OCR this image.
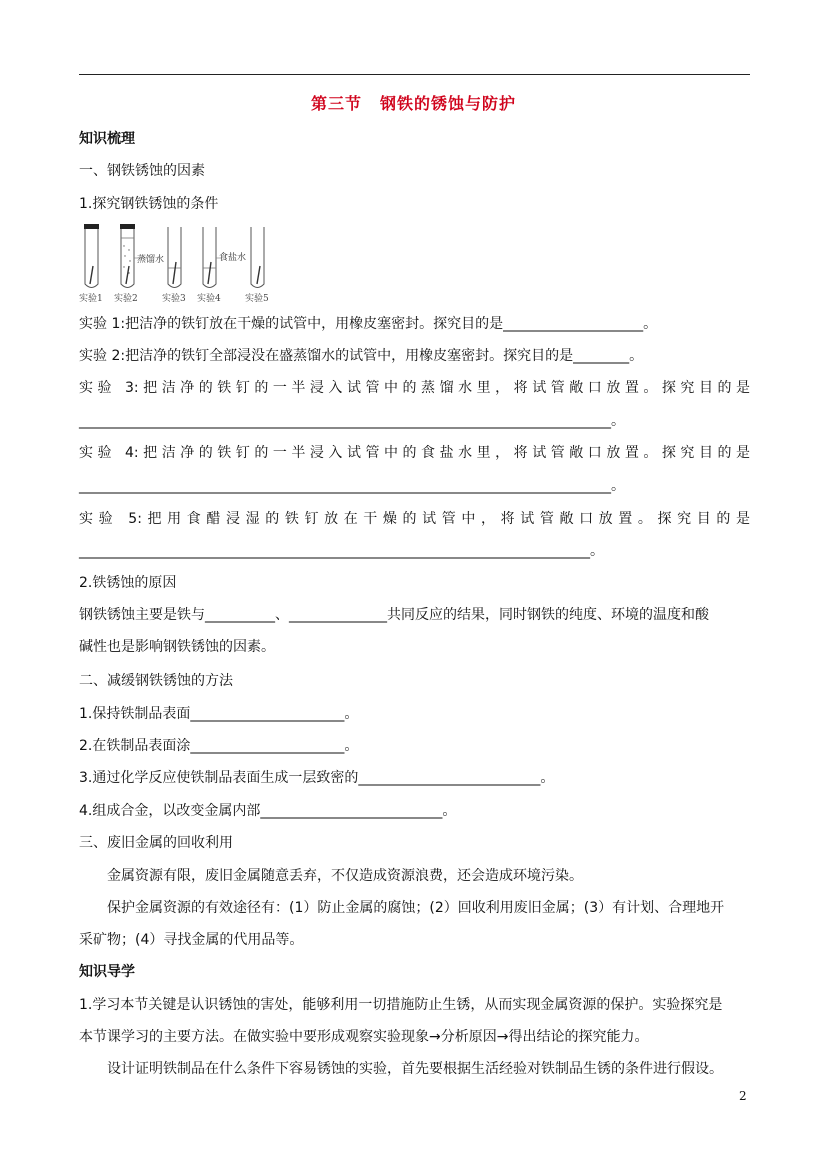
第三节 钢铁的锈蚀与防护
知识梳理
一、钢铁锈蚀的因素
1.探究钢铁锈蚀的条件
蒸馏水	食盐水
实验1 实验2	实验3 实验4	实验5
实验 1:把洁净的铁钉放在干燥的试管中，用橡皮塞密封。探究目的是____________________。
实验 2:把洁净的铁钉全部浸没在盛蒸馏水的试管中，用橡皮塞密封。探究目的是________。
实验 3:把洁净的铁钉的一半浸入试管中的蒸馏水里，将试管敞口放置。探究目的是
____________________________________________________________________________。
实验 4:把洁净的铁钉的一半浸入试管中的食盐水里，将试管敞口放置。探究目的是
____________________________________________________________________________。
实验 5:把用食醋浸湿的铁钉放在干燥的试管中，将试管敞口放置。探究目的是
_________________________________________________________________________。
2.铁锈蚀的原因
钢铁锈蚀主要是铁与__________、______________共同反应的结果，同时钢铁的纯度、环境的温度和酸
碱性也是影响钢铁锈蚀的因素。
二、减缓钢铁锈蚀的方法
1.保持铁制品表面______________________。
2.在铁制品表面涂______________________。
3.通过化学反应使铁制品表面生成一层致密的__________________________。
4.组成合金，以改变金属内部__________________________。
三、废旧金属的回收利用
金属资源有限，废旧金属随意丢弃，不仅造成资源浪费，还会造成环境污染。
保护金属资源的有效途径有：(1）防止金属的腐蚀；(2）回收利用废旧金属；(3）有计划、合理地开
采矿物；(4）寻找金属的代用品等。
知识导学
1.学习本节关键是认识锈蚀的害处，能够利用一切措施防止生锈，从而实现金属资源的保护。实验探究是
本节课学习的主要方法。在做实验中要形成观察实验现象→分析原因→得出结论的探究能力。
设计证明铁制品在什么条件下容易锈蚀的实验，首先要根据生活经验对铁制品生锈的条件进行假设。
2
